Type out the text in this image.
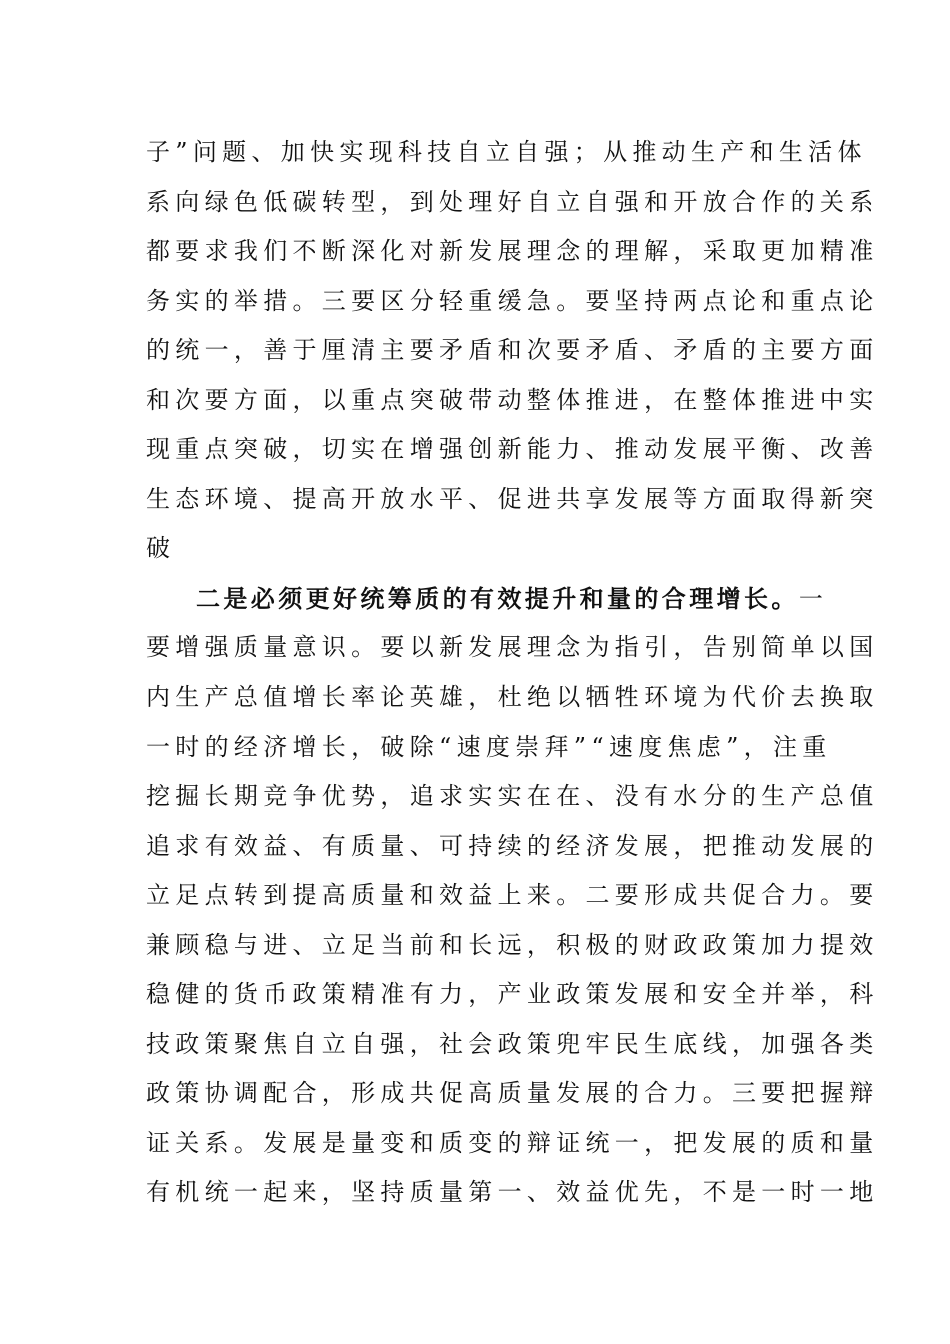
子”问题、加快实现科技自立自强；从推动生产和生活体
系向绿色低碳转型，到处理好自立自强和开放合作的关系
都要求我们不断深化对新发展理念的理解，采取更加精准
务实的举措。三要区分轻重缓急。要坚持两点论和重点论
的统一，善于厘清主要矛盾和次要矛盾、矛盾的主要方面
和次要方面，以重点突破带动整体推进，在整体推进中实
现重点突破，切实在增强创新能力、推动发展平衡、改善
生态环境、提高开放水平、促进共享发展等方面取得新突
破
二是必须更好统筹质的有效提升和量的合理增长。一
要增强质量意识。要以新发展理念为指引，告别简单以国
内生产总值增长率论英雄，杜绝以牺牲环境为代价去换取
一时的经济增长，破除“速度崇拜”“速度焦虑”，注重
挖掘长期竞争优势，追求实实在在、没有水分的生产总值
追求有效益、有质量、可持续的经济发展，把推动发展的
立足点转到提高质量和效益上来。二要形成共促合力。要
兼顾稳与进、立足当前和长远，积极的财政政策加力提效
稳健的货币政策精准有力，产业政策发展和安全并举，科
技政策聚焦自立自强，社会政策兜牢民生底线，加强各类
政策协调配合，形成共促高质量发展的合力。三要把握辩
证关系。发展是量变和质变的辩证统一，把发展的质和量
有机统一起来，坚持质量第一、效益优先，不是一时一地
